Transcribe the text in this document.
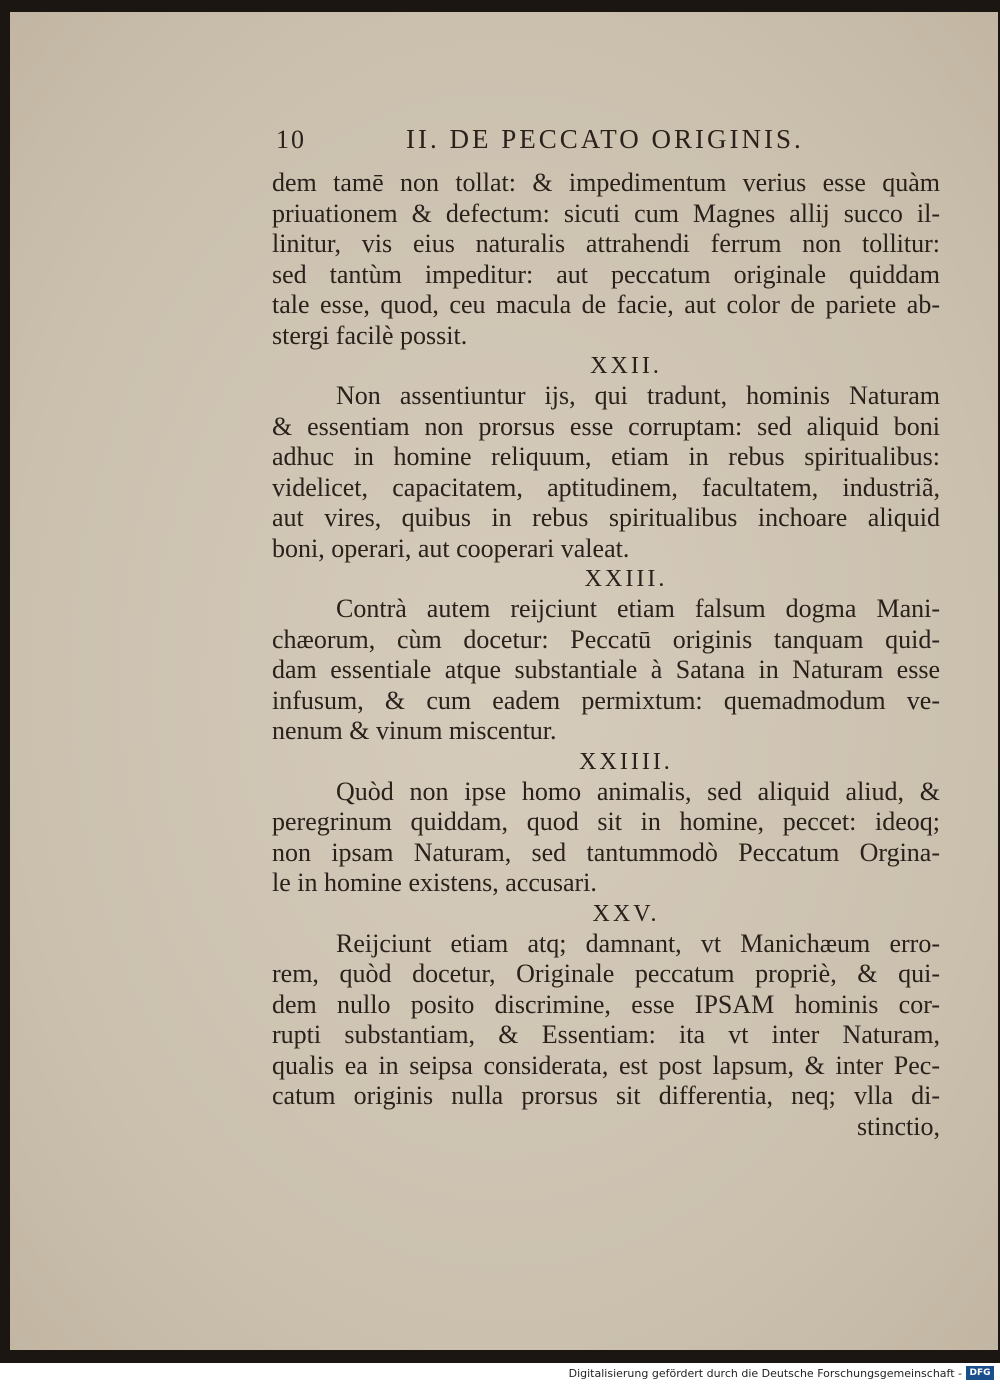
10	II. DE PECCATO ORIGINIS.
dem tamē non tollat: & impedimentum verius esse quàm
priuationem & defectum: sicuti cum Magnes allij succo il-
linitur, vis eius naturalis attrahendi ferrum non tollitur:
sed tantùm impeditur: aut peccatum originale quiddam
tale esse, quod, ceu macula de facie, aut color de pariete ab-
stergi facilè possit.
XXII.
Non assentiuntur ijs, qui tradunt, hominis Naturam
& essentiam non prorsus esse corruptam: sed aliquid boni
adhuc in homine reliquum, etiam in rebus spiritualibus:
videlicet, capacitatem, aptitudinem, facultatem, industriã,
aut vires, quibus in rebus spiritualibus inchoare aliquid
boni, operari, aut cooperari valeat.
XXIII.
Contrà autem reijciunt etiam falsum dogma Mani-
chæorum, cùm docetur: Peccatū originis tanquam quid-
dam essentiale atque substantiale à Satana in Naturam esse
infusum, & cum eadem permixtum: quemadmodum ve-
nenum & vinum miscentur.
XXIIII.
Quòd non ipse homo animalis, sed aliquid aliud, &
peregrinum quiddam, quod sit in homine, peccet: ideoq;
non ipsam Naturam, sed tantummodò Peccatum Orgina-
le in homine existens, accusari.
XXV.
Reijciunt etiam atq; damnant, vt Manichæum erro-
rem, quòd docetur, Originale peccatum propriè, & qui-
dem nullo posito discrimine, esse IPSAM hominis cor-
rupti substantiam, & Essentiam: ita vt inter Naturam,
qualis ea in seipsa considerata, est post lapsum, & inter Pec-
catum originis nulla prorsus sit differentia, neq; vlla di-
stinctio,
Digitalisierung gefördert durch die Deutsche Forschungsgemeinschaft - DFG
